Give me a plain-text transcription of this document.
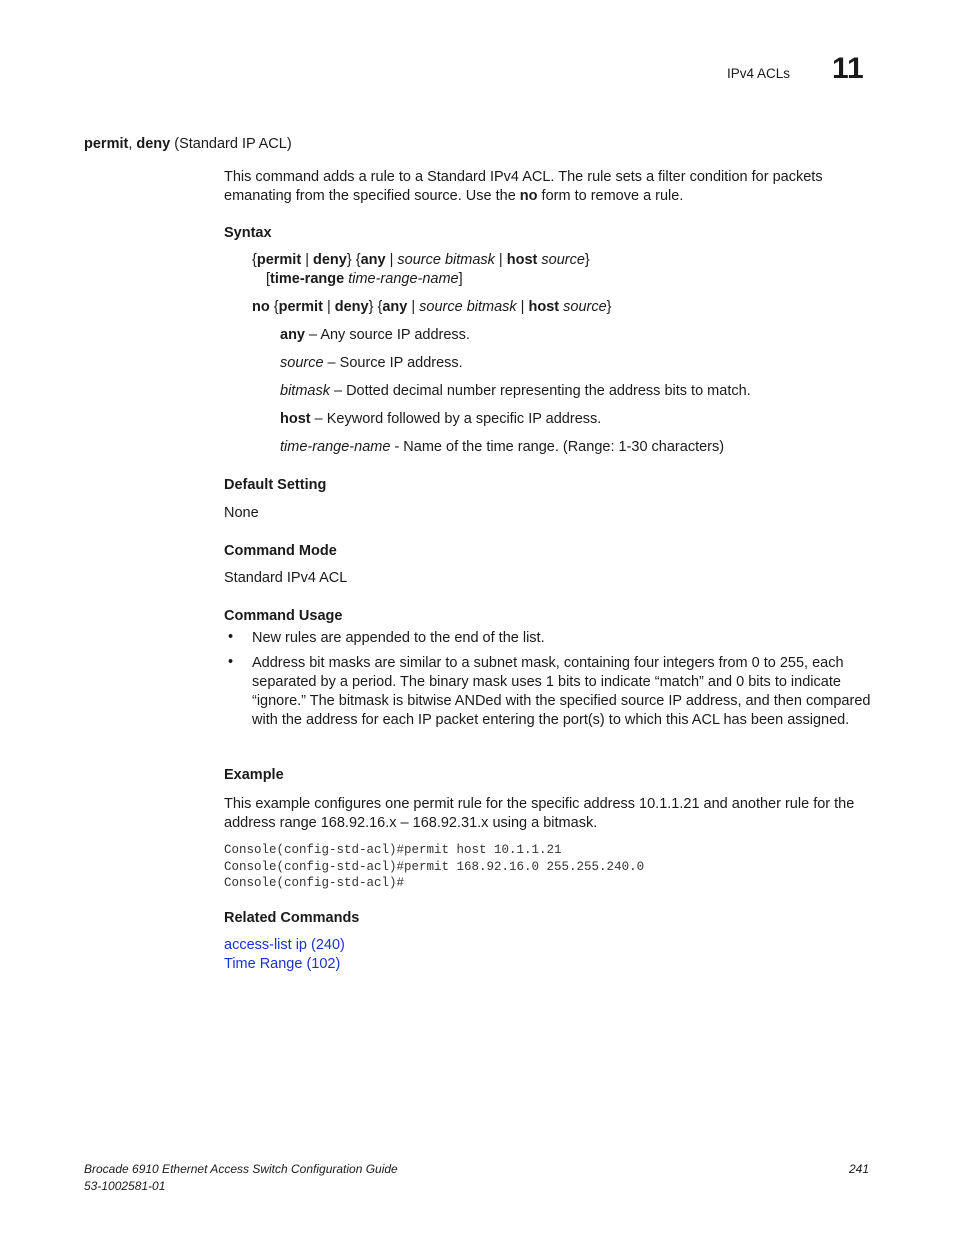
IPv4 ACLs 11
permit, deny (Standard IP ACL)
This command adds a rule to a Standard IPv4 ACL. The rule sets a filter condition for packets emanating from the specified source. Use the no form to remove a rule.
Syntax
{permit | deny} {any | source bitmask | host source}
[time-range time-range-name]
no {permit | deny} {any | source bitmask | host source}
any – Any source IP address.
source – Source IP address.
bitmask – Dotted decimal number representing the address bits to match.
host – Keyword followed by a specific IP address.
time-range-name - Name of the time range. (Range: 1-30 characters)
Default Setting
None
Command Mode
Standard IPv4 ACL
Command Usage
• New rules are appended to the end of the list.
• Address bit masks are similar to a subnet mask, containing four integers from 0 to 255, each separated by a period. The binary mask uses 1 bits to indicate “match” and 0 bits to indicate “ignore.” The bitmask is bitwise ANDed with the specified source IP address, and then compared with the address for each IP packet entering the port(s) to which this ACL has been assigned.
Example
This example configures one permit rule for the specific address 10.1.1.21 and another rule for the address range 168.92.16.x – 168.92.31.x using a bitmask.
Console(config-std-acl)#permit host 10.1.1.21
Console(config-std-acl)#permit 168.92.16.0 255.255.240.0
Console(config-std-acl)#
Related Commands
access-list ip (240)
Time Range (102)
Brocade 6910 Ethernet Access Switch Configuration Guide
53-1002581-01
241
